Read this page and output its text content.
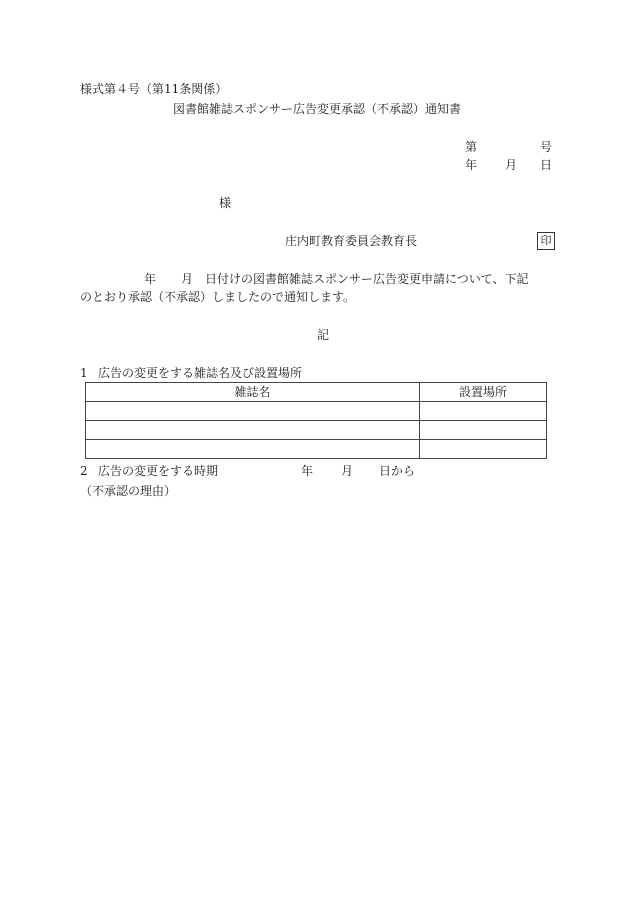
様式第４号（第11条関係）
図書館雑誌スポンサー広告変更承認（不承認）通知書
第	号
年 月 日
様
庄内町教育委員会教育長	印
年 月 日付けの図書館雑誌スポンサー広告変更申請について、下記
のとおり承認（不承認）しましたので通知します。
記
1 広告の変更をする雑誌名及び設置場所
雑誌名	設置場所

2 広告の変更をする時期	年 月 日から
（不承認の理由）
